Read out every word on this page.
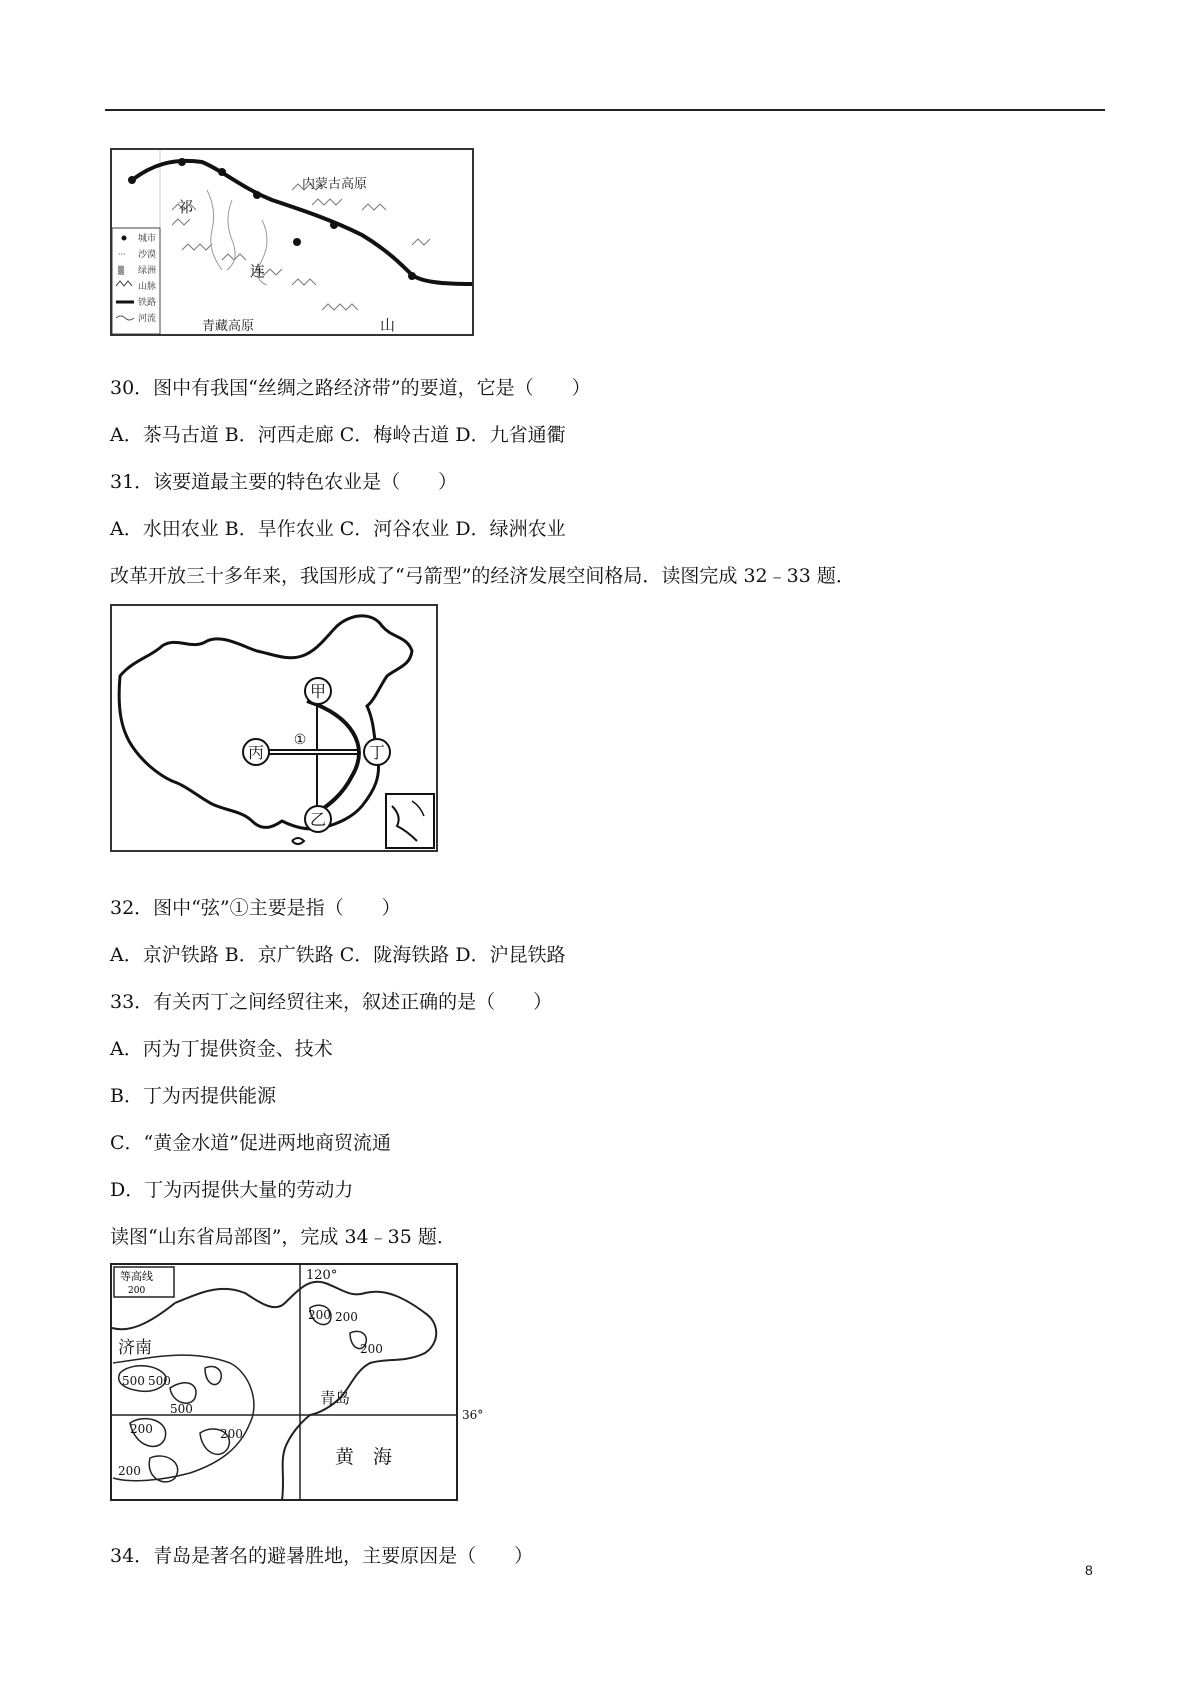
城市
··· 沙漠
▒ 绿洲
山脉
铁路
河流
内蒙古高原
青藏高原
祁
连
山
30．图中有我国“丝绸之路经济带”的要道，它是（　　）
A．茶马古道 B．河西走廊 C．梅岭古道 D．九省通衢
31．该要道最主要的特色农业是（　　）
A．水田农业 B．旱作农业 C．河谷农业 D．绿洲农业
改革开放三十多年来，我国形成了“弓箭型”的经济发展空间格局．读图完成 32﹣33 题．
甲
乙
丙	丁
①
32．图中“弦”①主要是指（　　）
A．京沪铁路 B．京广铁路 C．陇海铁路 D．沪昆铁路
33．有关丙丁之间经贸往来，叙述正确的是（　　）
A．丙为丁提供资金、技术
B．丁为丙提供能源
C．“黄金水道”促进两地商贸流通
D．丁为丙提供大量的劳动力
读图“山东省局部图”，完成 34﹣35 题．
等高线
200
济南
青岛
黄　海
120°
36°
500 500
500
200	200
200
200 200
200
34．青岛是著名的避暑胜地，主要原因是（　　）
8
